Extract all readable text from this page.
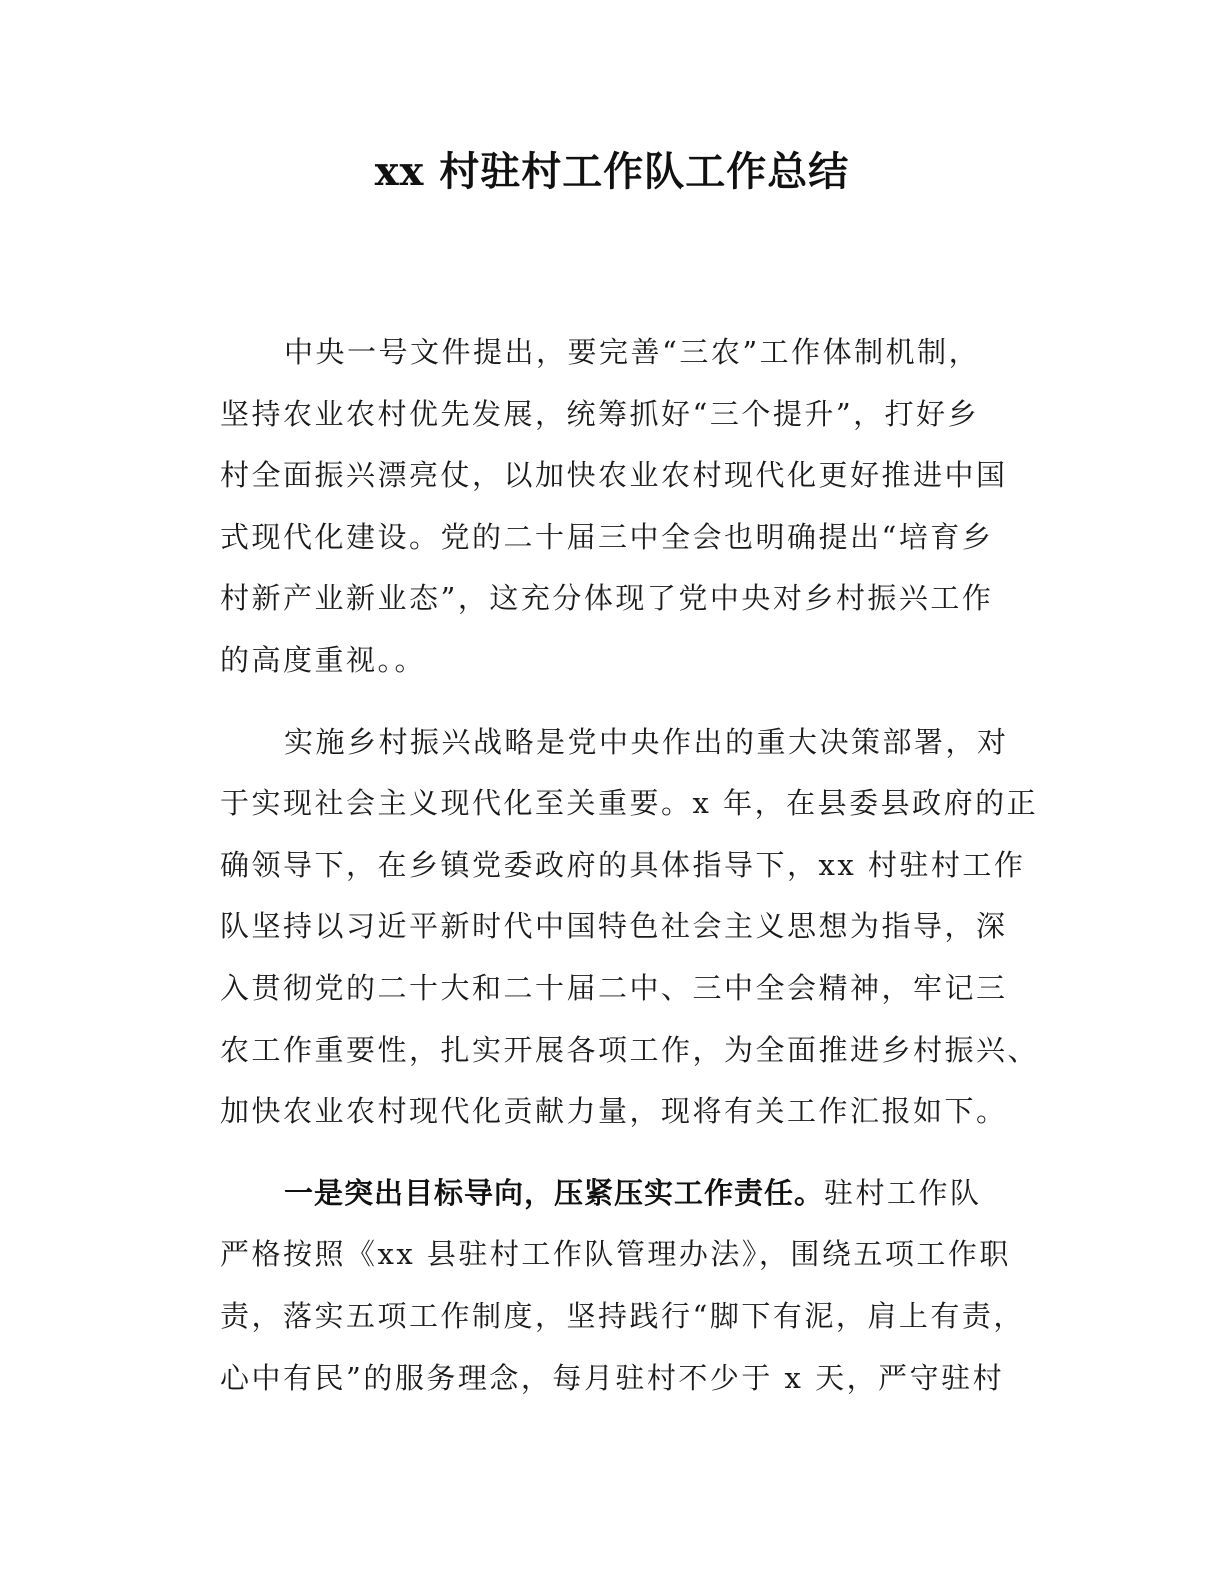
xx 村驻村工作队工作总结
中央一号文件提出，要完善“三农”工作体制机制，
坚持农业农村优先发展，统筹抓好“三个提升”，打好乡
村全面振兴漂亮仗，以加快农业农村现代化更好推进中国
式现代化建设。党的二十届三中全会也明确提出“培育乡
村新产业新业态”，这充分体现了党中央对乡村振兴工作
的高度重视。。
实施乡村振兴战略是党中央作出的重大决策部署，对
于实现社会主义现代化至关重要。x 年，在县委县政府的正
确领导下，在乡镇党委政府的具体指导下，xx 村驻村工作
队坚持以习近平新时代中国特色社会主义思想为指导，深
入贯彻党的二十大和二十届二中、三中全会精神，牢记三
农工作重要性，扎实开展各项工作，为全面推进乡村振兴、
加快农业农村现代化贡献力量，现将有关工作汇报如下。
一是突出目标导向，压紧压实工作责任。驻村工作队
严格按照《xx 县驻村工作队管理办法》，围绕五项工作职
责，落实五项工作制度，坚持践行“脚下有泥，肩上有责，
心中有民”的服务理念，每月驻村不少于 x 天，严守驻村
